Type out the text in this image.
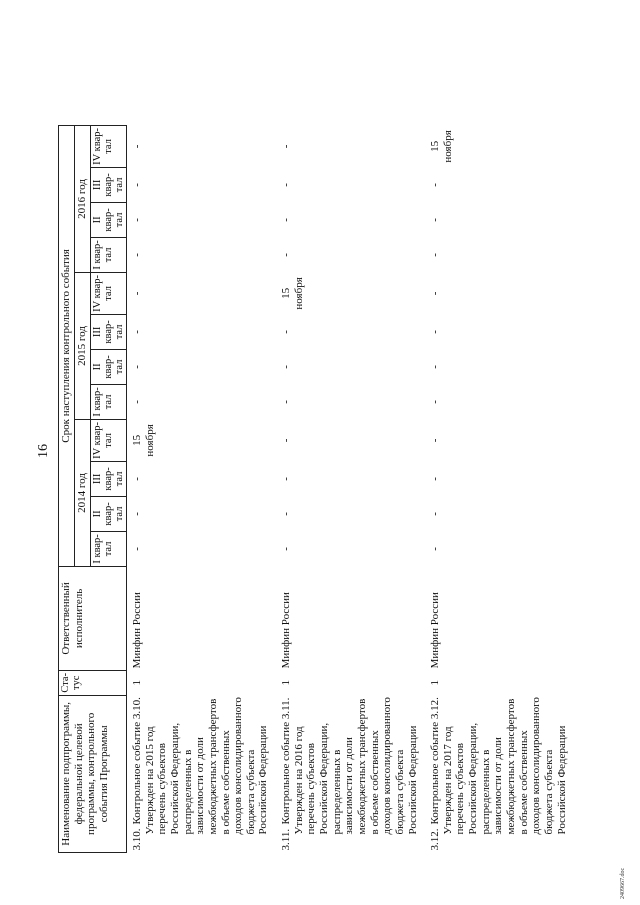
16
Наименование подпрограммы, федеральной целевой программы, контрольного события Программы	Ста-тус	Ответственный исполнитель	Срок наступления контрольного события											
			2014 год				2015 год				2016 год			
			I квар-тал	II квар-тал	III квар-тал	IV квар-тал	I квар-тал	II квар-тал	III квар-тал	IV квар-тал	I квар-тал	II квар-тал	III квар-тал	IV квар-тал

3.10.Контрольное событие 3.10. Утвержден на 2015 год перечень субъектов Российской Федерации, распределенных в зависимости от доли межбюджетных трансфертов в объеме собственных доходов консолидированного бюджета субъекта Российской Федерации	1	Минфин России	-	-	-	15 ноября	-	-	-	-	-	-	-	-

3.11.Контрольное событие 3.11. Утвержден на 2016 год перечень субъектов Российской Федерации, распределенных в зависимости от доли межбюджетных трансфертов в объеме собственных доходов консолидированного бюджета субъекта Российской Федерации	1	Минфин России	-	-	-	-	-	-	-	15 ноября	-	-	-	-

3.12.Контрольное событие 3.12. Утвержден на 2017 год перечень субъектов Российской Федерации, распределенных в зависимости от доли межбюджетных трансфертов в объеме собственных доходов консолидированного бюджета субъекта Российской Федерации	1	Минфин России	-	-	-	-	-	-	-	-	-	-	-	15 ноября
2409667.doc
